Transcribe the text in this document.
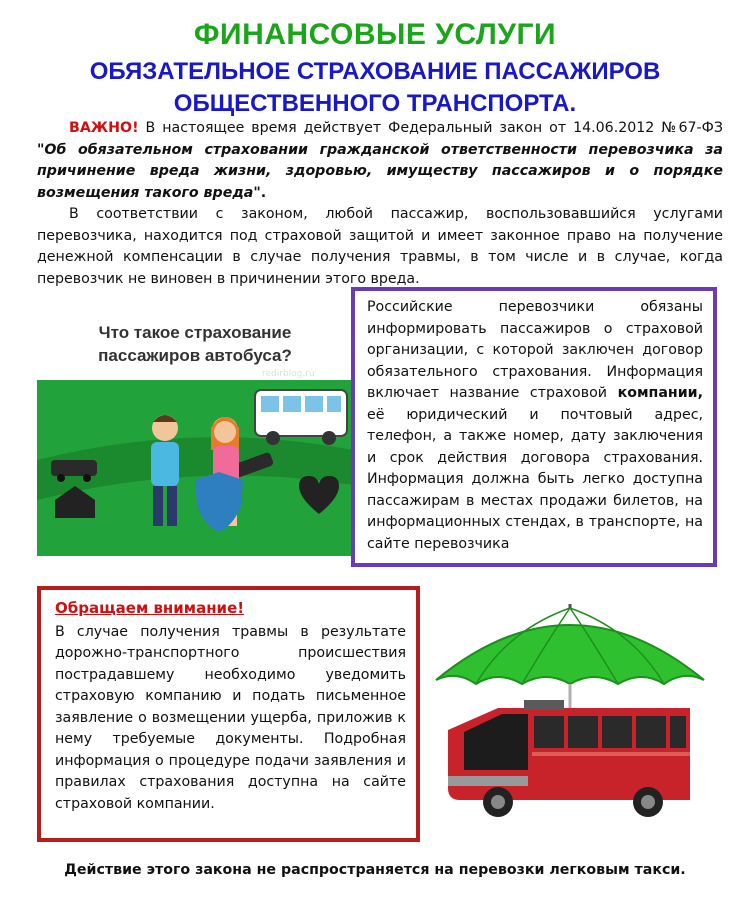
ФИНАНСОВЫЕ УСЛУГИ
ОБЯЗАТЕЛЬНОЕ СТРАХОВАНИЕ ПАССАЖИРОВ
ОБЩЕСТВЕННОГО ТРАНСПОРТА.

ВАЖНО! В настоящее время действует Федеральный закон от 14.06.2012 №67-ФЗ "Об обязательном страховании гражданской ответственности перевозчика за причинение вреда жизни, здоровью, имуществу пассажиров и о порядке возмещения такого вреда".

В соответствии с законом, любой пассажир, воспользовавшийся услугами перевозчика, находится под страховой защитой и имеет законное право на получение денежной компенсации в случае получения травмы, в том числе и в случае, когда перевозчик не виновен в причинении этого вреда.

Что такое страхование
пассажиров автобуса?
redirblog.ru
Российские перевозчики обязаны информировать пассажиров о страховой организации, с которой заключен договор обязательного страхования. Информация включает название страховой компании, её юридический и почтовый адрес, телефон, а также номер, дату заключения и срок действия договора страхования. Информация должна быть легко доступна пассажирам в местах продажи билетов, на информационных стендах, в транспорте, на сайте перевозчика
Обращаем внимание!

В случае получения травмы в результате дорожно-транспортного происшествия пострадавшему необходимо уведомить страховую компанию и подать письменное заявление о возмещении ущерба, приложив к нему требуемые документы. Подробная информация о процедуре подачи заявления и правилах страхования доступна на сайте страховой компании.

Действие этого закона не распространяется на перевозки легковым такси.
